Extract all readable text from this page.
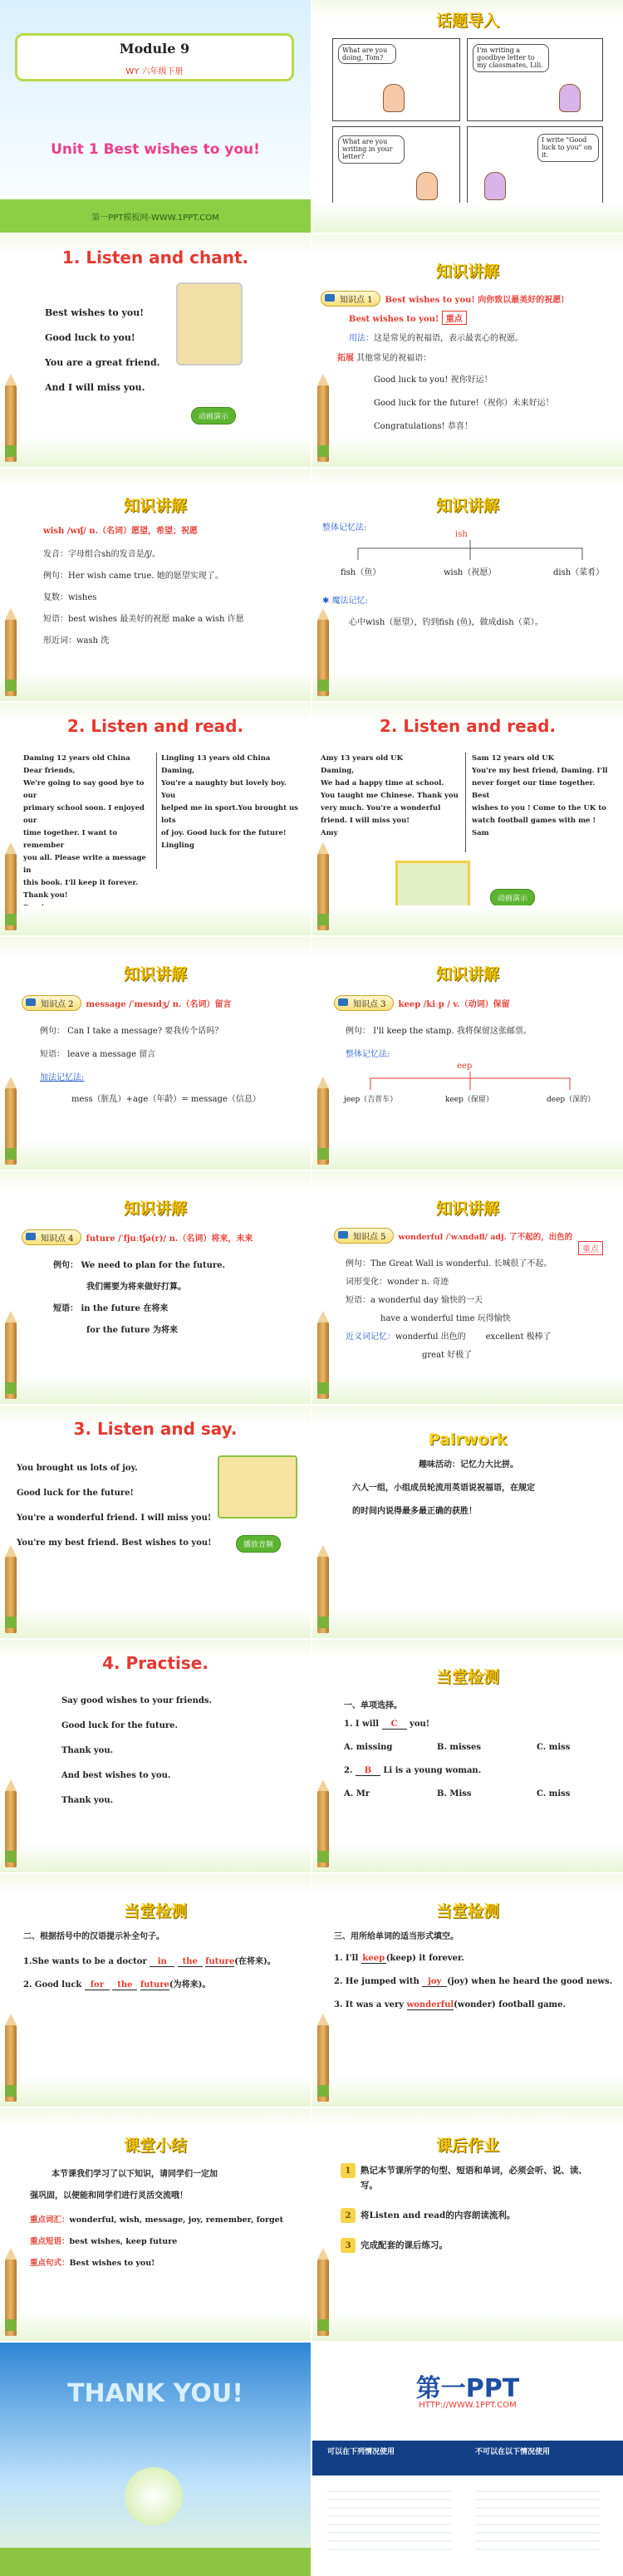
Module 9
WY 六年级下册
Unit 1 Best wishes to you!
第一PPT模板网-WWW.1PPT.COM
话题导入
What are you doing, Tom?
I'm writing a goodbye letter to my classmates, Lili.
What are you writing in your letter?
I write "Good luck to you" on it.
1. Listen and chant.
Best wishes to you!
Good luck to you!
You are a great friend.
And I will miss you.
动画演示
知识讲解
知识点 1 Best wishes to you! 向你致以最美好的祝愿!
Best wishes to you! 重点
用法：这是常见的祝福语，表示最衷心的祝愿。
拓展 其他常见的祝福语：
Good luck to you! 祝你好运！
Good luck for the future!（祝你）未来好运！
Congratulations! 恭喜！
知识讲解
wish /wɪʃ/ n.（名词）愿望，希望；祝愿
发音：字母组合sh的发音是/ʃ/。
例句：Her wish came true. 她的愿望实现了。
复数：wishes
短语：best wishes 最美好的祝愿 make a wish 许愿
形近词：wash 洗
知识讲解
整体记忆法:
ish
fish（鱼）	wish（祝愿）	dish（菜肴）
✱ 魔法记忆:
心中wish（愿望），钓到fish (鱼)，做成dish（菜）。
2. Listen and read.
Daming 12 years old China
Dear friends,
We're going to say good bye to our
primary school soon. I enjoyed our
time together. I want to remember
you all. Please write a message in
this book. I'll keep it forever.
Thank you!
Lingling 13 years old China
Daming,
You're a naughty but lovely boy. You
helped me in sport.You brought us lots
of joy. Good luck for the future!
Lingling
2. Listen and read.
Amy 13 years old UK
Daming,
We had a happy time at school.
You taught me Chinese. Thank you
very much. You're a wonderful
friend. I will miss you!
Amy
Sam 12 years old UK
You're my best friend, Daming. I'll
never forget our time together. Best
wishes to you ! Come to the UK to
watch football games with me !
Sam
动画演示
知识讲解
知识点 2 message /ˈmesɪdʒ/ n.（名词）留言
例句： Can I take a message? 要我传个话吗？
短语： leave a message 留言
加法记忆法:
mess（脏乱）+age（年龄）= message（信息）
知识讲解
知识点 3 keep /kiːp / v.（动词）保留
例句： I'll keep the stamp. 我将保留这张邮票。
整体记忆法:
eep
jeep（吉普车）	keep（保留）	deep（深的）
知识讲解
知识点 4 future /ˈfjuːtʃə(r)/ n.（名词）将来，未来
例句： We need to plan for the future.
我们需要为将来做好打算。
短语： in the future 在将来
for the future 为将来
知识讲解
知识点 5 wonderful /ˈwʌndəfl/ adj. 了不起的，出色的
重点
例句：The Great Wall is wonderful. 长城很了不起。
词形变化：wonder n. 奇迹
短语：a wonderful day 愉快的一天
have a wonderful time 玩得愉快
近义词记忆：wonderful 出色的 excellent 极棒了
great 好极了
3. Listen and say.
You brought us lots of joy.
Good luck for the future!
You're a wonderful friend. I will miss you!
You're my best friend. Best wishes to you!	播放音频
Pairwork
趣味活动：记忆力大比拼。
六人一组，小组成员轮流用英语说祝福语，在规定
的时间内说得最多最正确的获胜！
4. Practise.
Say good wishes to your friends.
Good luck for the future.
Thank you.
And best wishes to you.
Thank you.
当堂检测
一、单项选择。
1. I will C you!
A. missing	B. misses	C. miss
2. B Li is a young woman.
A. Mr	B. Miss	C. miss
当堂检测
二、根据括号中的汉语提示补全句子。
1.She wants to be a doctor in the future(在将来)。
2. Good luck for the future(为将来)。
当堂检测
三、用所给单词的适当形式填空。
1. I'll keep (keep) it forever.
2. He jumped with joy (joy) when he heard the good news.
3. It was a very wonderful(wonder) football game.
课堂小结
本节课我们学习了以下知识，请同学们一定加
强巩固，以便能和同学们进行灵活交流哦！
重点词汇：wonderful, wish, message, joy, remember, forget
重点短语：best wishes, keep future
重点句式：Best wishes to you!
课后作业
1	熟记本节课所学的句型、短语和单词，必须会听、说、读、写。
2	将Listen and read的内容朗读流利。
3	完成配套的课后练习。
THANK YOU!	第一PPT
HTTP://WWW.1PPT.COM
可以在下列情况使用	不可以在以下情况使用
